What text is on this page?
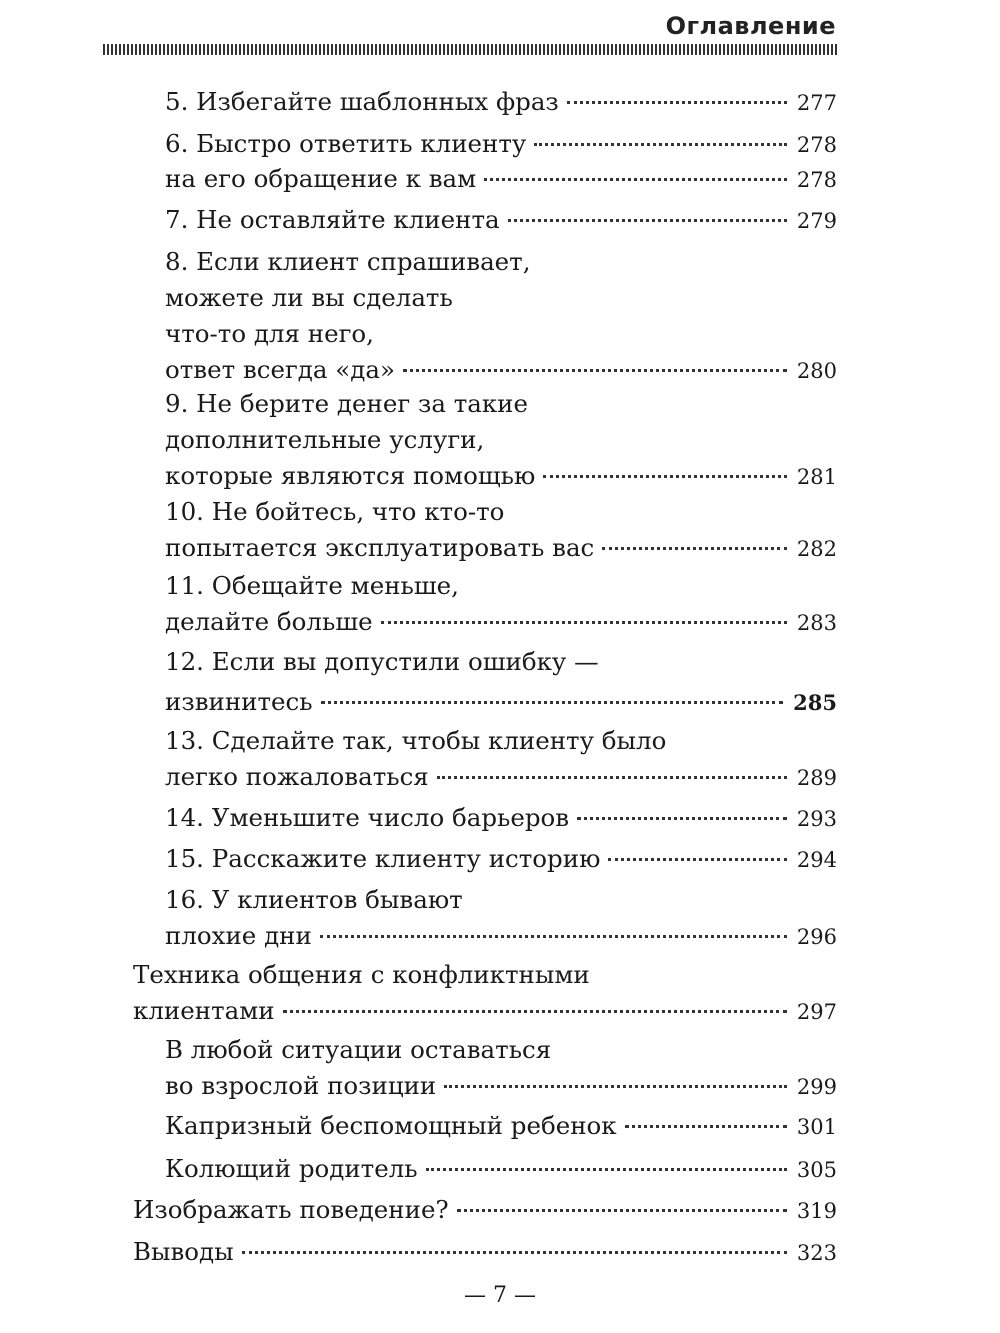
Оглавление
5. Избегайте шаблонных фраз	277
6. Быстро ответить клиенту	278
на его обращение к вам	278
7. Не оставляйте клиента	279
8. Если клиент спрашивает,
можете ли вы сделать
что-то для него,
ответ всегда «да»	280
9. Не берите денег за такие
дополнительные услуги,
которые являются помощью	281
10. Не бойтесь, что кто-то
попытается эксплуатировать вас	282
11. Обещайте меньше,
делайте больше	283
12. Если вы допустили ошибку —
извинитесь	285
13. Сделайте так, чтобы клиенту было
легко пожаловаться	289
14. Уменьшите число барьеров	293
15. Расскажите клиенту историю	294
16. У клиентов бывают
плохие дни	296
Техника общения с конфликтными
клиентами	297
В любой ситуации оставаться
во взрослой позиции	299
Капризный беспомощный ребенок	301
Колющий родитель	305
Изображать поведение?	319
Выводы	323
— 7 —
